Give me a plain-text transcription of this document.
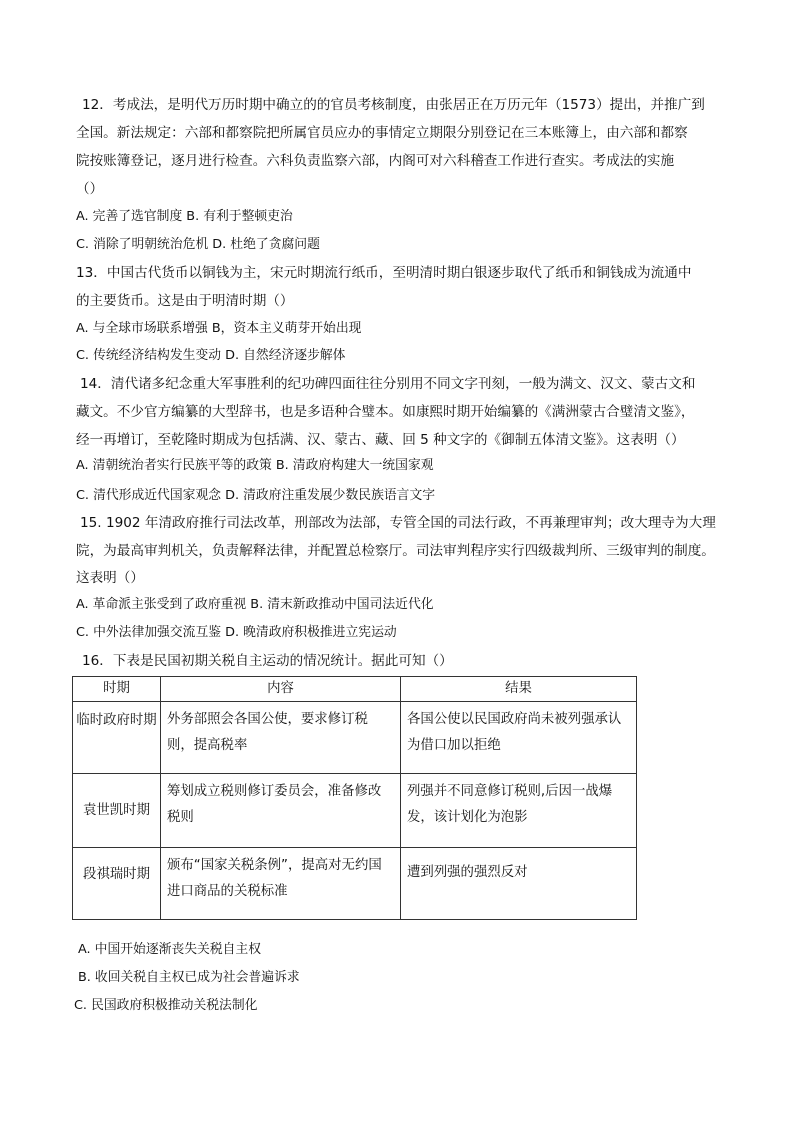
12．考成法，是明代万历时期中确立的的官员考核制度，由张居正在万历元年（1573）提出，并推广到
全国。新法规定：六部和都察院把所属官员应办的事情定立期限分别登记在三本账簿上，由六部和都察
院按账簿登记，逐月进行检查。六科负责监察六部，内阁可对六科稽查工作进行查实。考成法的实施
（）
A. 完善了选官制度 B. 有利于整顿吏治
C. 消除了明朝统治危机 D. 杜绝了贪腐问题
13．中国古代货币以铜钱为主，宋元时期流行纸币，至明清时期白银逐步取代了纸币和铜钱成为流通中
的主要货币。这是由于明清时期（）
A. 与全球市场联系增强 B，资本主义萌芽开始出现
C. 传统经济结构发生变动 D. 自然经济逐步解体
14．清代诸多纪念重大军事胜利的纪功碑四面往往分别用不同文字刊刻，一般为满文、汉文、蒙古文和
藏文。不少官方编纂的大型辞书，也是多语种合璧本。如康熙时期开始编纂的《满洲蒙古合璧清文鉴》，
经一再增订，至乾隆时期成为包括满、汉、蒙古、藏、回 5 种文字的《御制五体清文鉴》。这表明（）
A. 清朝统治者实行民族平等的政策 B. 清政府构建大一统国家观
C. 清代形成近代国家观念 D. 清政府注重发展少数民族语言文字
15. 1902 年清政府推行司法改革，刑部改为法部，专管全国的司法行政，不再兼理审判；改大理寺为大理
院，为最高审判机关，负责解释法律，并配置总检察厅。司法审判程序实行四级裁判所、三级审判的制度。
这表明（）
A. 革命派主张受到了政府重视 B. 清末新政推动中国司法近代化
C. 中外法律加强交流互鉴 D. 晚清政府积极推进立宪运动
16．下表是民国初期关税自主运动的情况统计。据此可知（）
时期	内容	结果
临时政府时期	外务部照会各国公使，要求修订税则，提高税率	各国公使以民国政府尚未被列强承认为借口加以拒绝
袁世凯时期	筹划成立税则修订委员会，准备修改税则	列强并不同意修订税则,后因一战爆发，该计划化为泡影
段祺瑞时期	颁布“国家关税条例”，提高对无约国进口商品的关税标准	遭到列强的强烈反对
A. 中国开始逐渐丧失关税自主权
B. 收回关税自主权已成为社会普遍诉求
C. 民国政府积极推动关税法制化
